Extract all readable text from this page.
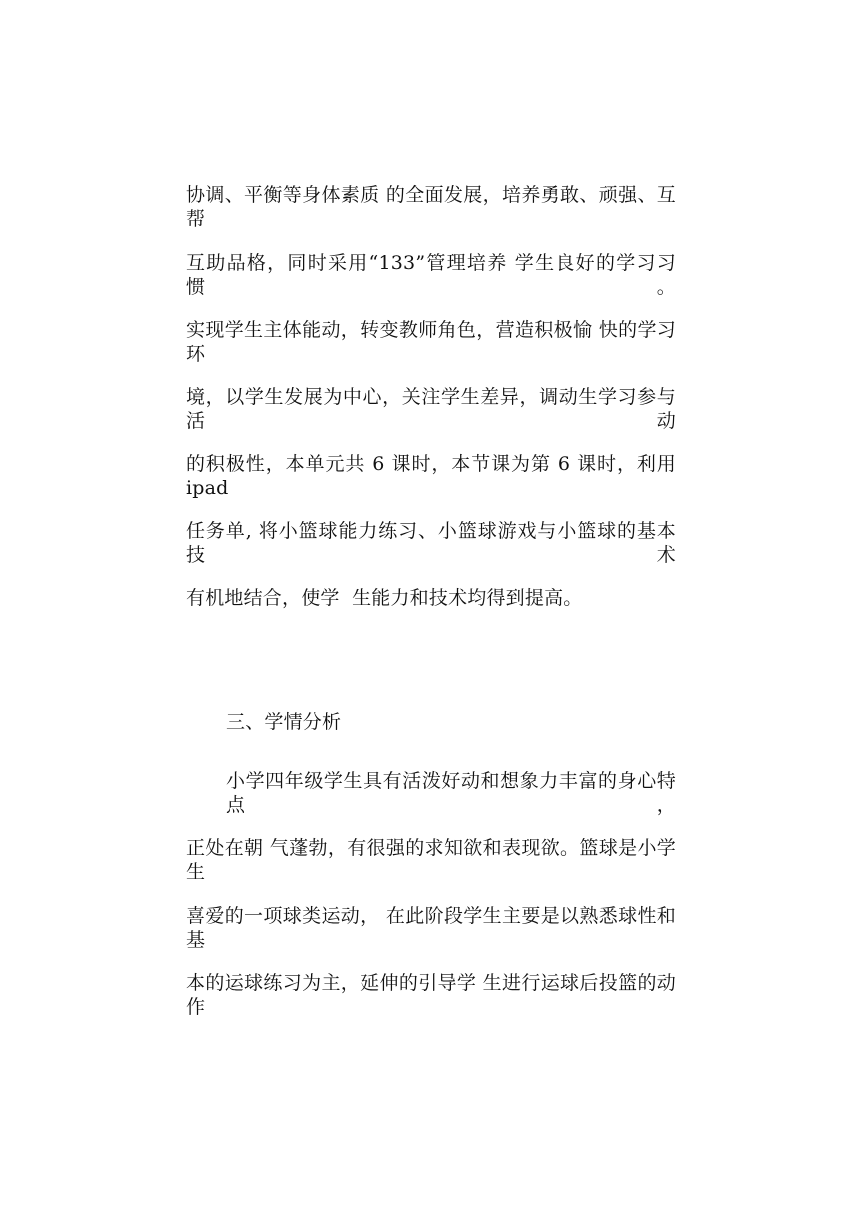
协调、平衡等身体素质 的全面发展，培养勇敢、顽强、互帮
互助品格，同时采用“133”管理培养 学生良好的学习习惯。
实现学生主体能动，转变教师角色，营造积极愉 快的学习环
境，以学生发展为中心，关注学生差异，调动生学习参与活 动
的积极性，本单元共 6 课时，本节课为第 6 课时，利用 ipad
任务单, 将小篮球能力练习、小篮球游戏与小篮球的基本技术
有机地结合，使学  生能力和技术均得到提高。
三、学情分析
小学四年级学生具有活泼好动和想象力丰富的身心特点，
正处在朝 气蓬勃，有很强的求知欲和表现欲。篮球是小学生
喜爱的一项球类运动， 在此阶段学生主要是以熟悉球性和基
本的运球练习为主，延伸的引导学 生进行运球后投篮的动作
